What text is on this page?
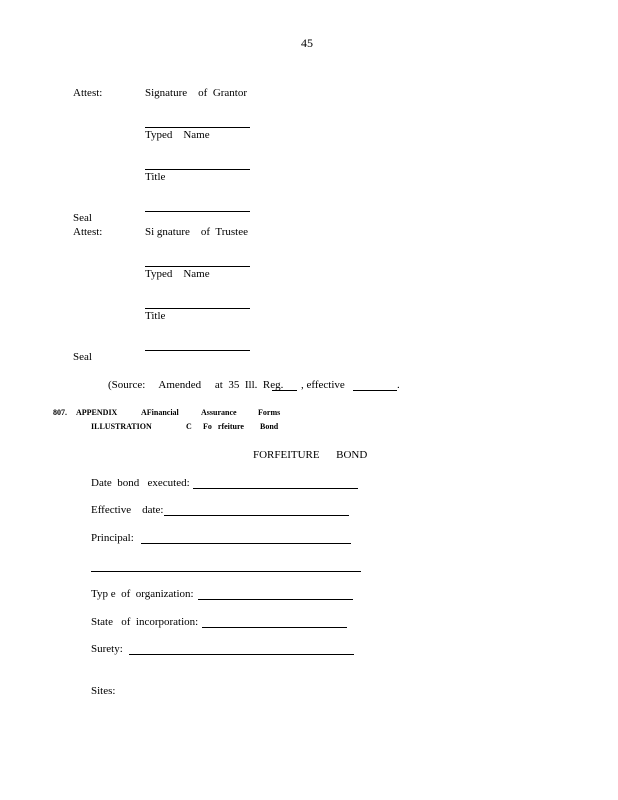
45
Attest:	Signature    of  Grantor
Typed    Name
Title
Seal
Attest:	Si gnature    of  Trustee
Typed    Name
Title
Seal
(Source:     Amended     at  35  Ill.  Reg. , effective	.
807. APPENDIX	AFinancial	Assurance	Forms
ILLUSTRATION	C Fo   rfeiture Bond
FORFEITURE      BOND
Date  bond   executed:
Effective    date:
Principal:
Typ e  of  organization:
State   of  incorporation:
Surety:
Sites:
